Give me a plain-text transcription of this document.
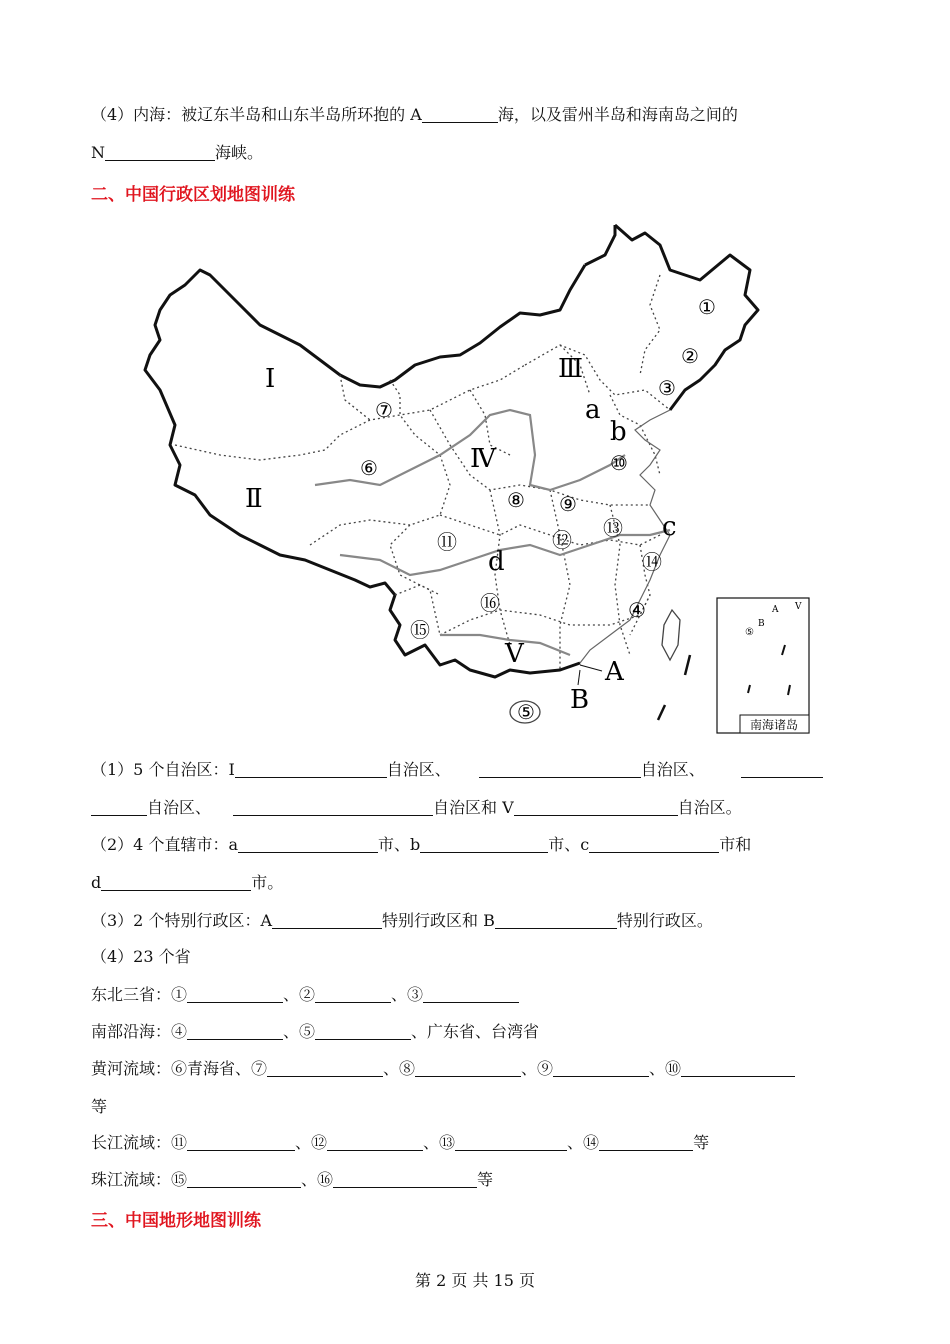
（4）内海：被辽东半岛和山东半岛所环抱的 A	海，以及雷州半岛和海南岛之间的
N	海峡。
二、中国行政区划地图训练
南海诸岛
⑤
B
A V
Ⅰ
Ⅱ
Ⅲ
Ⅳ
Ⅴ
a
b
c
d
A
B
①
②
③
④
⑤
⑥
⑦
⑧ ⑨
⑩
⑪	⑫ ⑬
⑭
⑮
⑯
（1）5 个自治区：I	自治区、	自治区、
自治区、	自治区和 V	自治区。
（2）4 个直辖市：a	市、b	市、c	市和
d	市。
（3）2 个特别行政区：A	特别行政区和 B	特别行政区。
（4）23 个省
东北三省：①	、②	、③
南部沿海：④	、⑤	、广东省、台湾省
黄河流域：⑥青海省、⑦	、⑧	、⑨	、⑩
等
长江流域：⑪	、⑫	、⑬	、⑭	等
珠江流域：⑮	、⑯	等
三、中国地形地图训练
第 2 页 共 15 页
